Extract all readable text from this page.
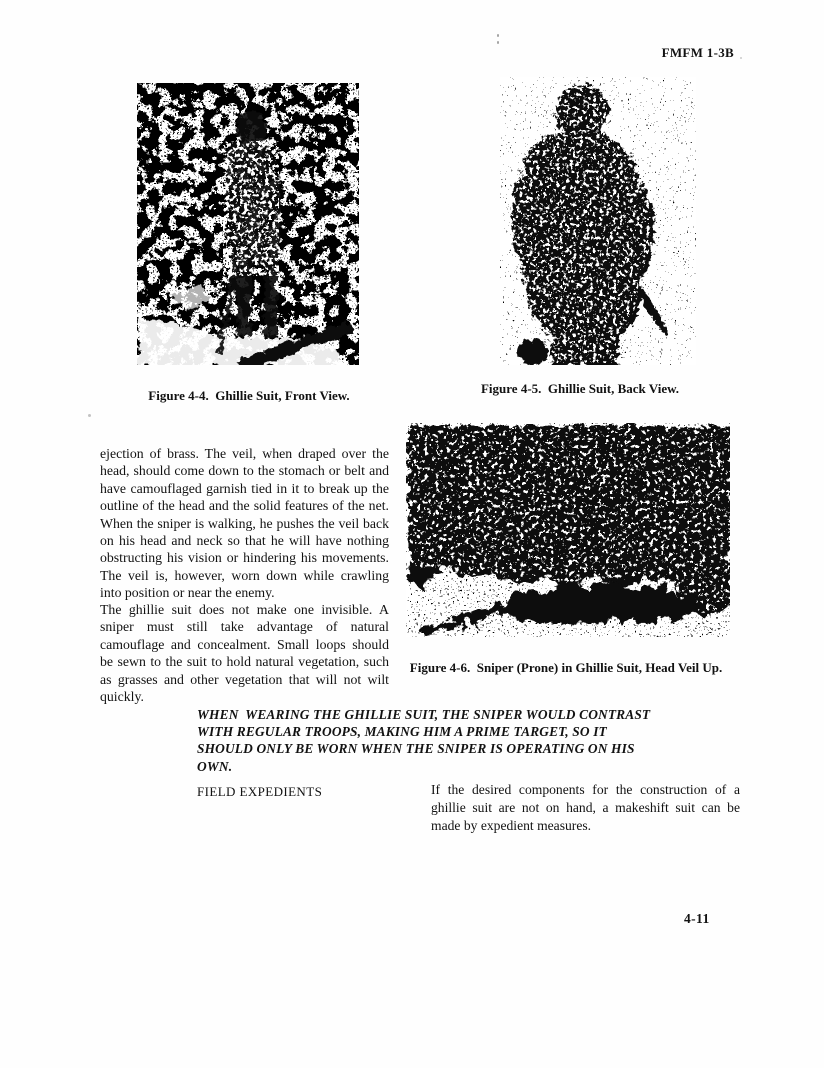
FMFM 1-3B
Figure 4-4.  Ghillie Suit, Front View.	Figure 4-5.  Ghillie Suit, Back View.
ejection of brass. The veil, when draped over the head, should come down to the stomach or belt and have camouflaged garnish tied in it to break up the outline of the head and the solid features of the net. When the sniper is walking, he pushes the veil back on his head and neck so that he will have nothing obstructing his vision or hindering his movements. The veil is, however, worn down while crawling into position or near the enemy.
The ghillie suit does not make one invisible. A sniper must still take advantage of natural camouflage and concealment. Small loops should be sewn to the suit to hold natural vegetation, such as grasses and other vegetation that will not wilt quickly.
Figure 4-6.  Sniper (Prone) in Ghillie Suit, Head Veil Up.
WHEN  WEARING THE GHILLIE SUIT, THE SNIPER WOULD CONTRAST WITH REGULAR TROOPS, MAKING HIM A PRIME TARGET, SO IT SHOULD ONLY BE WORN WHEN THE SNIPER IS OPERATING ON HIS OWN.
FIELD EXPEDIENTS	If the desired components for the construction of a ghillie suit are not on hand, a makeshift suit can be made by expedient measures.
4-11
